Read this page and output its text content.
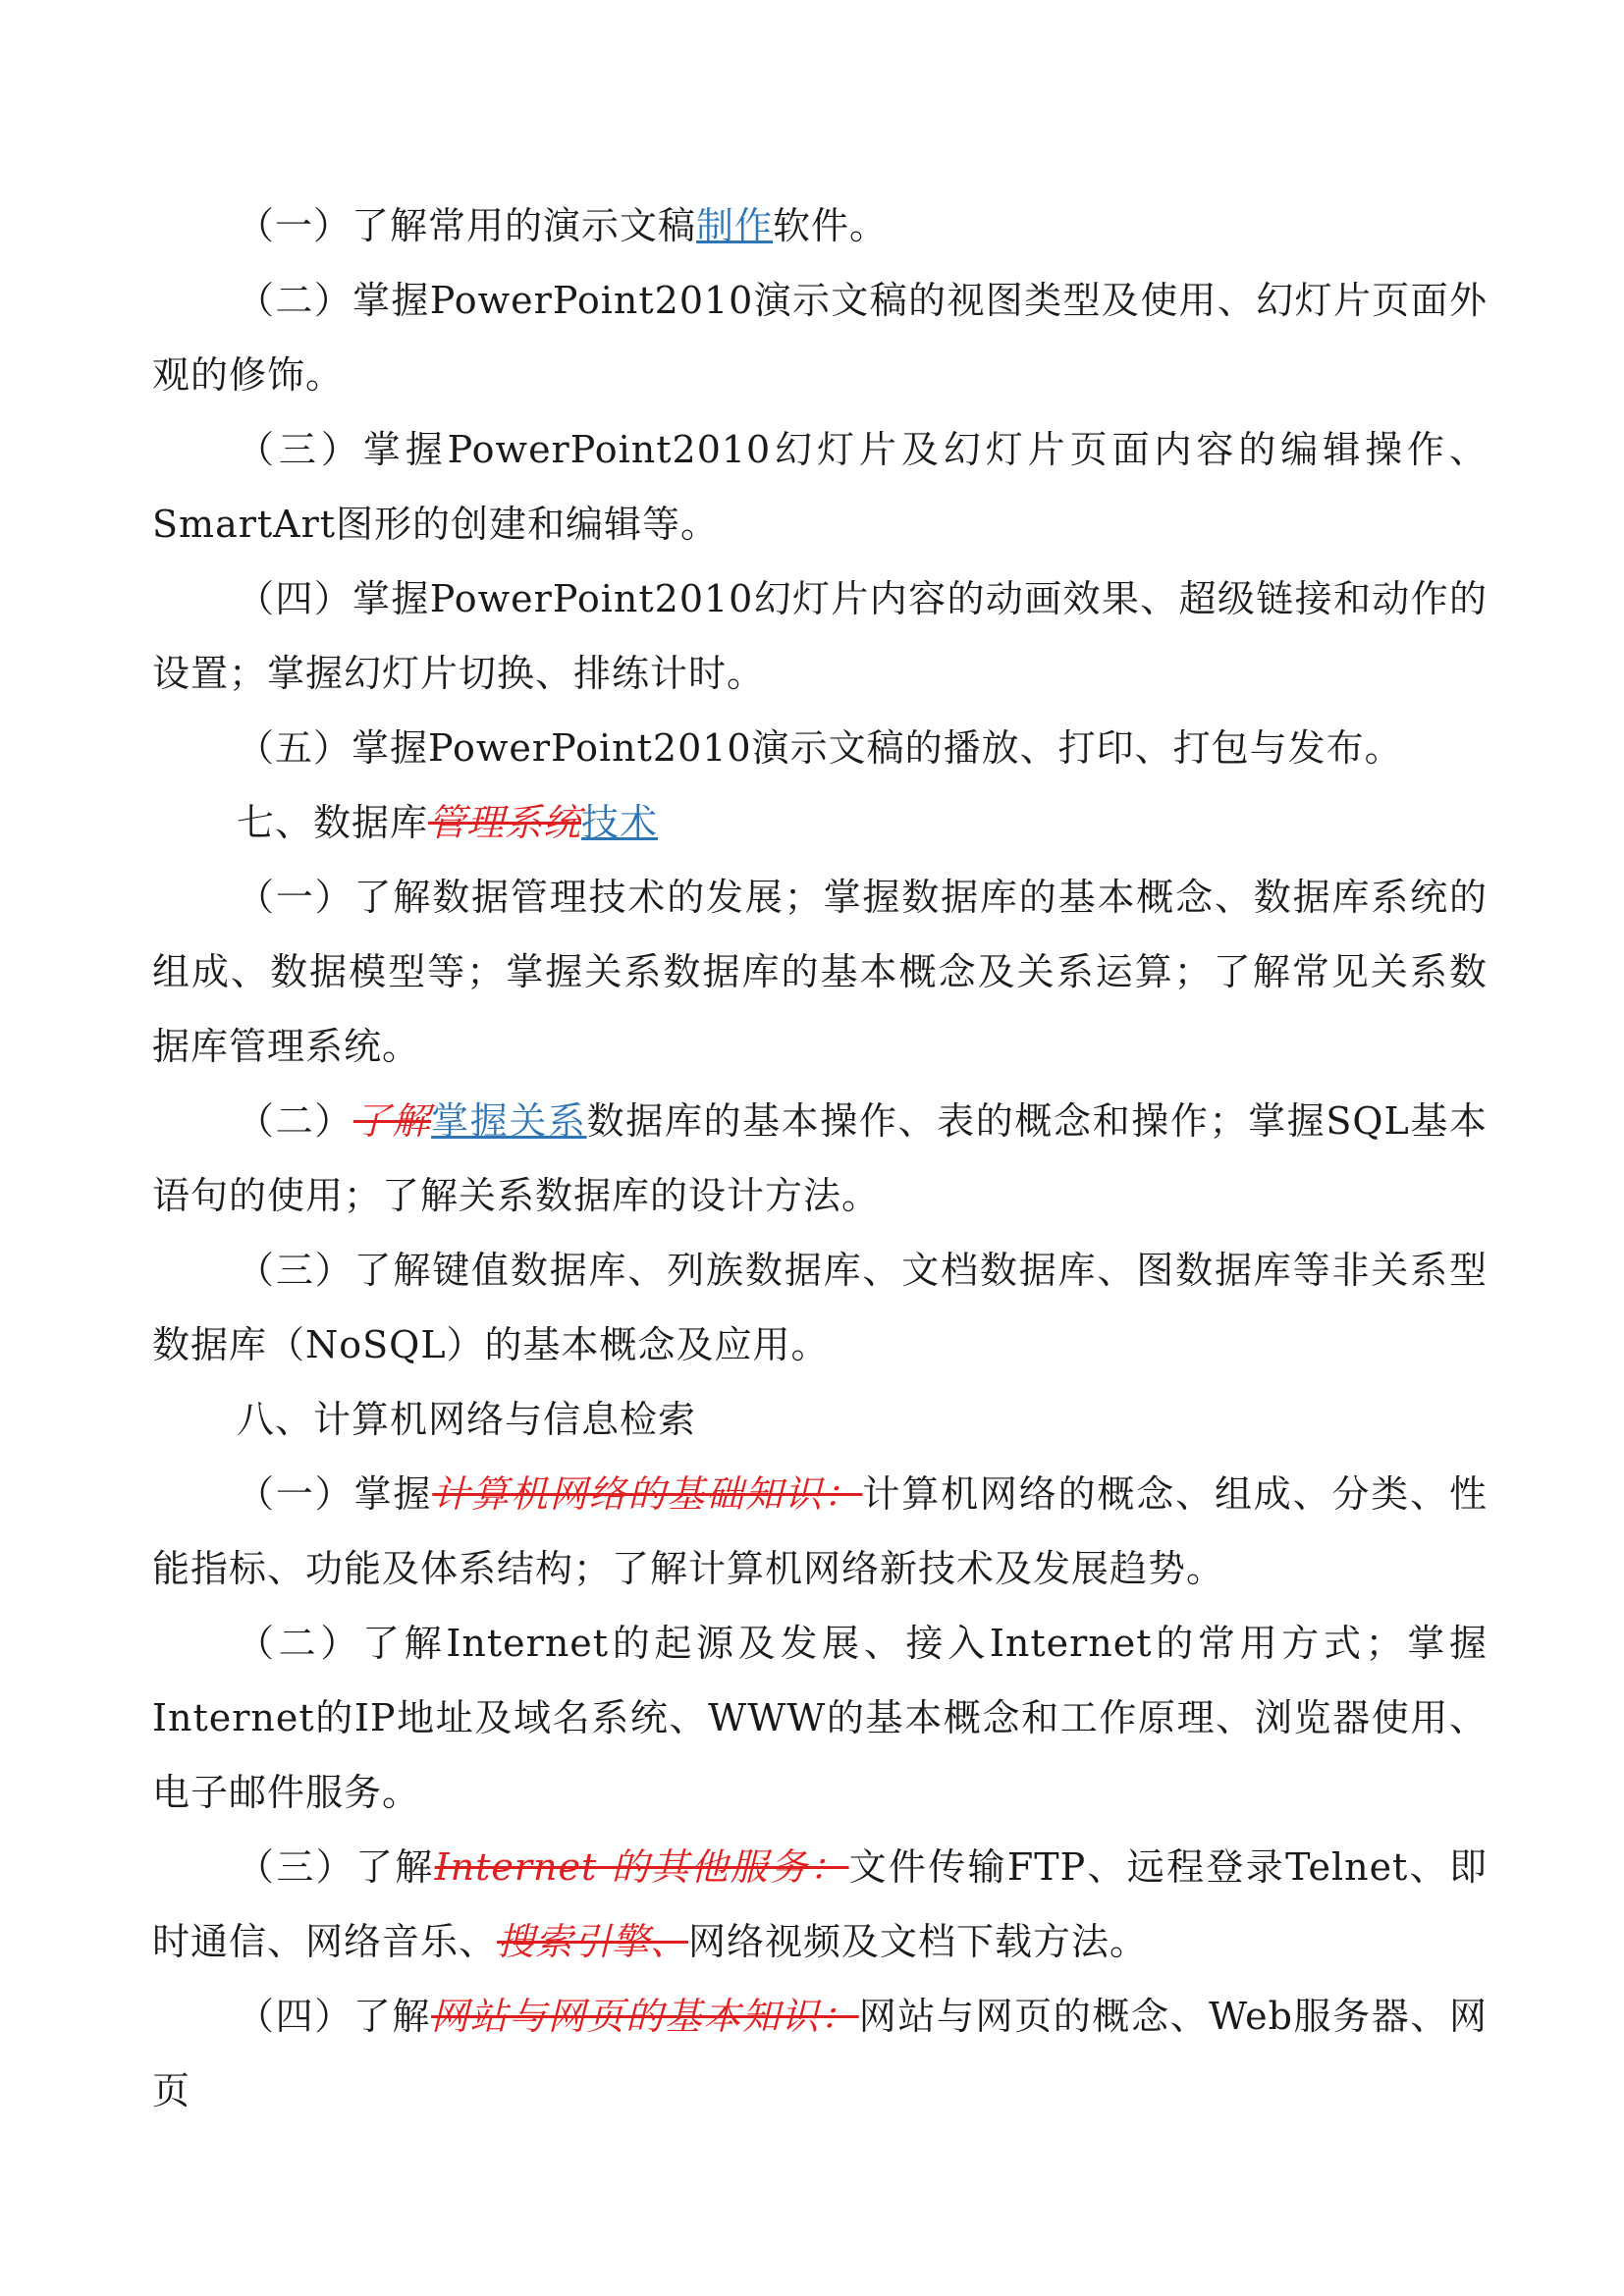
（一）了解常用的演示文稿制作软件。

（二）掌握PowerPoint2010演示文稿的视图类型及使用、幻灯片页面外观的修饰。

（三）掌握PowerPoint2010幻灯片及幻灯片页面内容的编辑操作、SmartArt图形的创建和编辑等。

（四）掌握PowerPoint2010幻灯片内容的动画效果、超级链接和动作的设置；掌握幻灯片切换、排练计时。

（五）掌握PowerPoint2010演示文稿的播放、打印、打包与发布。

七、数据库管理系统技术

（一）了解数据管理技术的发展；掌握数据库的基本概念、数据库系统的组成、数据模型等；掌握关系数据库的基本概念及关系运算；了解常见关系数据库管理系统。

（二）了解掌握关系数据库的基本操作、表的概念和操作；掌握SQL基本语句的使用；了解关系数据库的设计方法。

（三）了解键值数据库、列族数据库、文档数据库、图数据库等非关系型数据库（NoSQL）的基本概念及应用。

八、计算机网络与信息检索

（一）掌握计算机网络的基础知识：计算机网络的概念、组成、分类、性能指标、功能及体系结构；了解计算机网络新技术及发展趋势。

（二）了解Internet的起源及发展、接入Internet的常用方式；掌握Internet的IP地址及域名系统、WWW的基本概念和工作原理、浏览器使用、电子邮件服务。

（三）了解Internet 的其他服务：文件传输FTP、远程登录Telnet、即时通信、网络音乐、搜索引擎、网络视频及文档下载方法。

（四）了解网站与网页的基本知识：网站与网页的概念、Web服务器、网页
